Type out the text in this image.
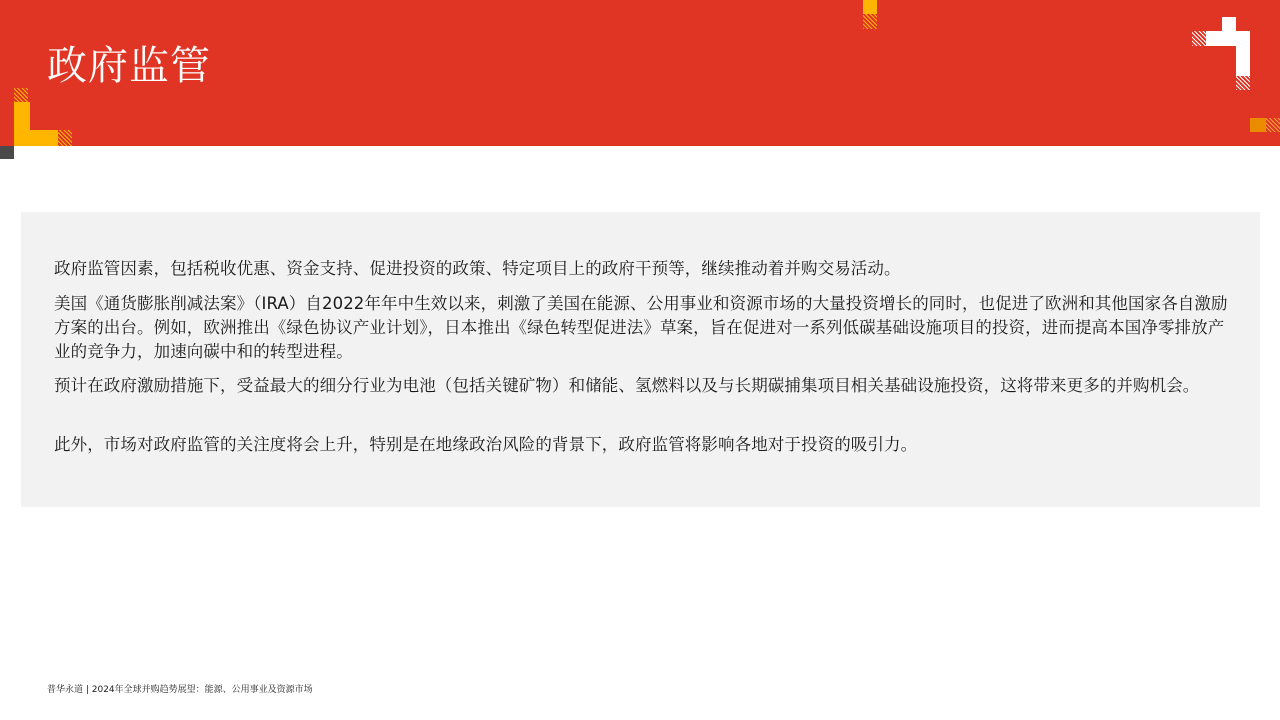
政府监管

政府监管因素，包括税收优惠、资金支持、促进投资的政策、特定项目上的政府干预等，继续推动着并购交易活动。

美国《通货膨胀削减法案》（IRA）自2022年年中生效以来，刺激了美国在能源、公用事业和资源市场的大量投资增长的同时，也促进了欧洲和其他国家各自激励方案的出台。例如，欧洲推出《绿色协议产业计划》，日本推出《绿色转型促进法》草案，旨在促进对一系列低碳基础设施项目的投资，进而提高本国净零排放产业的竞争力，加速向碳中和的转型进程。

预计在政府激励措施下，受益最大的细分行业为电池（包括关键矿物）和储能、氢燃料以及与长期碳捕集项目相关基础设施投资，这将带来更多的并购机会。

此外，市场对政府监管的关注度将会上升，特别是在地缘政治风险的背景下，政府监管将影响各地对于投资的吸引力。

普华永道 | 2024年全球并购趋势展望：能源、公用事业及资源市场
